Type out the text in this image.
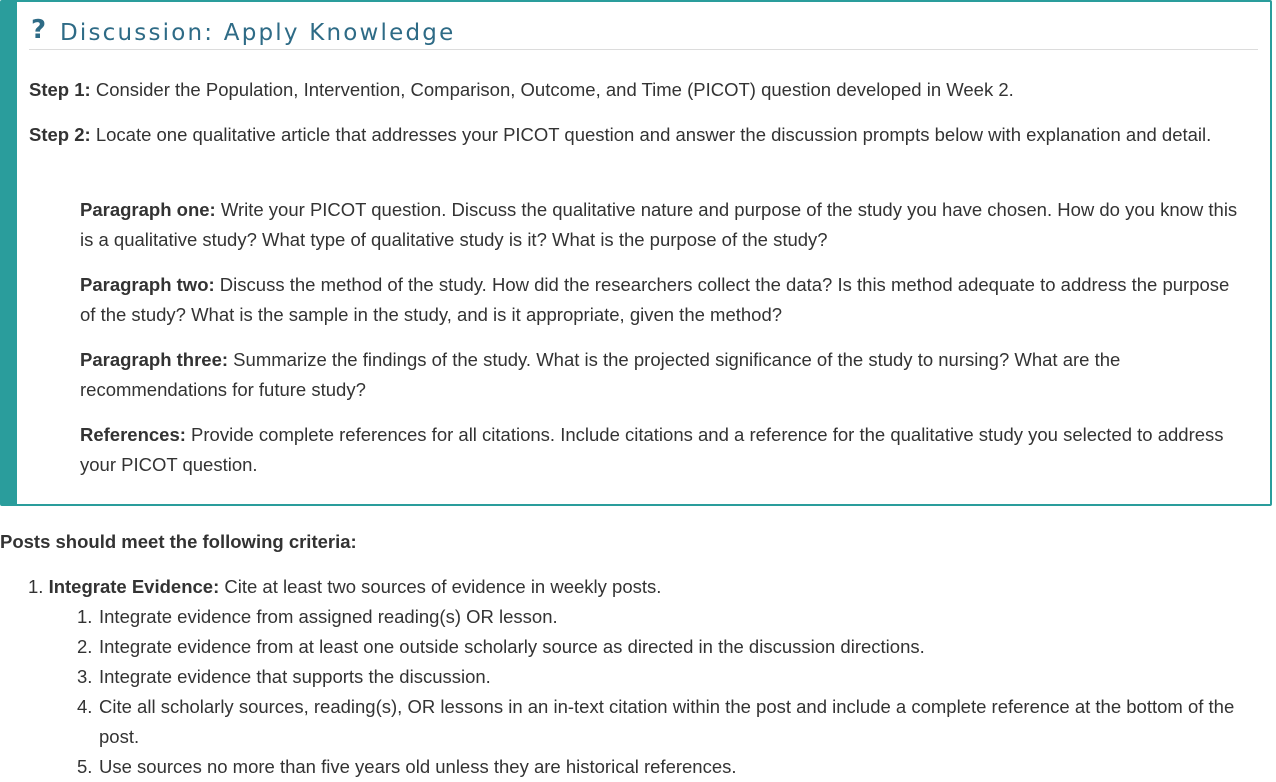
? Discussion: Apply Knowledge
Step 1: Consider the Population, Intervention, Comparison, Outcome, and Time (PICOT) question developed in Week 2.
Step 2: Locate one qualitative article that addresses your PICOT question and answer the discussion prompts below with explanation and detail.
Paragraph one: Write your PICOT question. Discuss the qualitative nature and purpose of the study you have chosen. How do you know this is a qualitative study? What type of qualitative study is it? What is the purpose of the study?
Paragraph two: Discuss the method of the study. How did the researchers collect the data? Is this method adequate to address the purpose of the study? What is the sample in the study, and is it appropriate, given the method?
Paragraph three: Summarize the findings of the study. What is the projected significance of the study to nursing? What are the recommendations for future study?
References: Provide complete references for all citations. Include citations and a reference for the qualitative study you selected to address your PICOT question.
Posts should meet the following criteria:
1. Integrate Evidence: Cite at least two sources of evidence in weekly posts.
1. Integrate evidence from assigned reading(s) OR lesson.
2. Integrate evidence from at least one outside scholarly source as directed in the discussion directions.
3. Integrate evidence that supports the discussion.
4. Cite all scholarly sources, reading(s), OR lessons in an in-text citation within the post and include a complete reference at the bottom of the post.
5. Use sources no more than five years old unless they are historical references.
